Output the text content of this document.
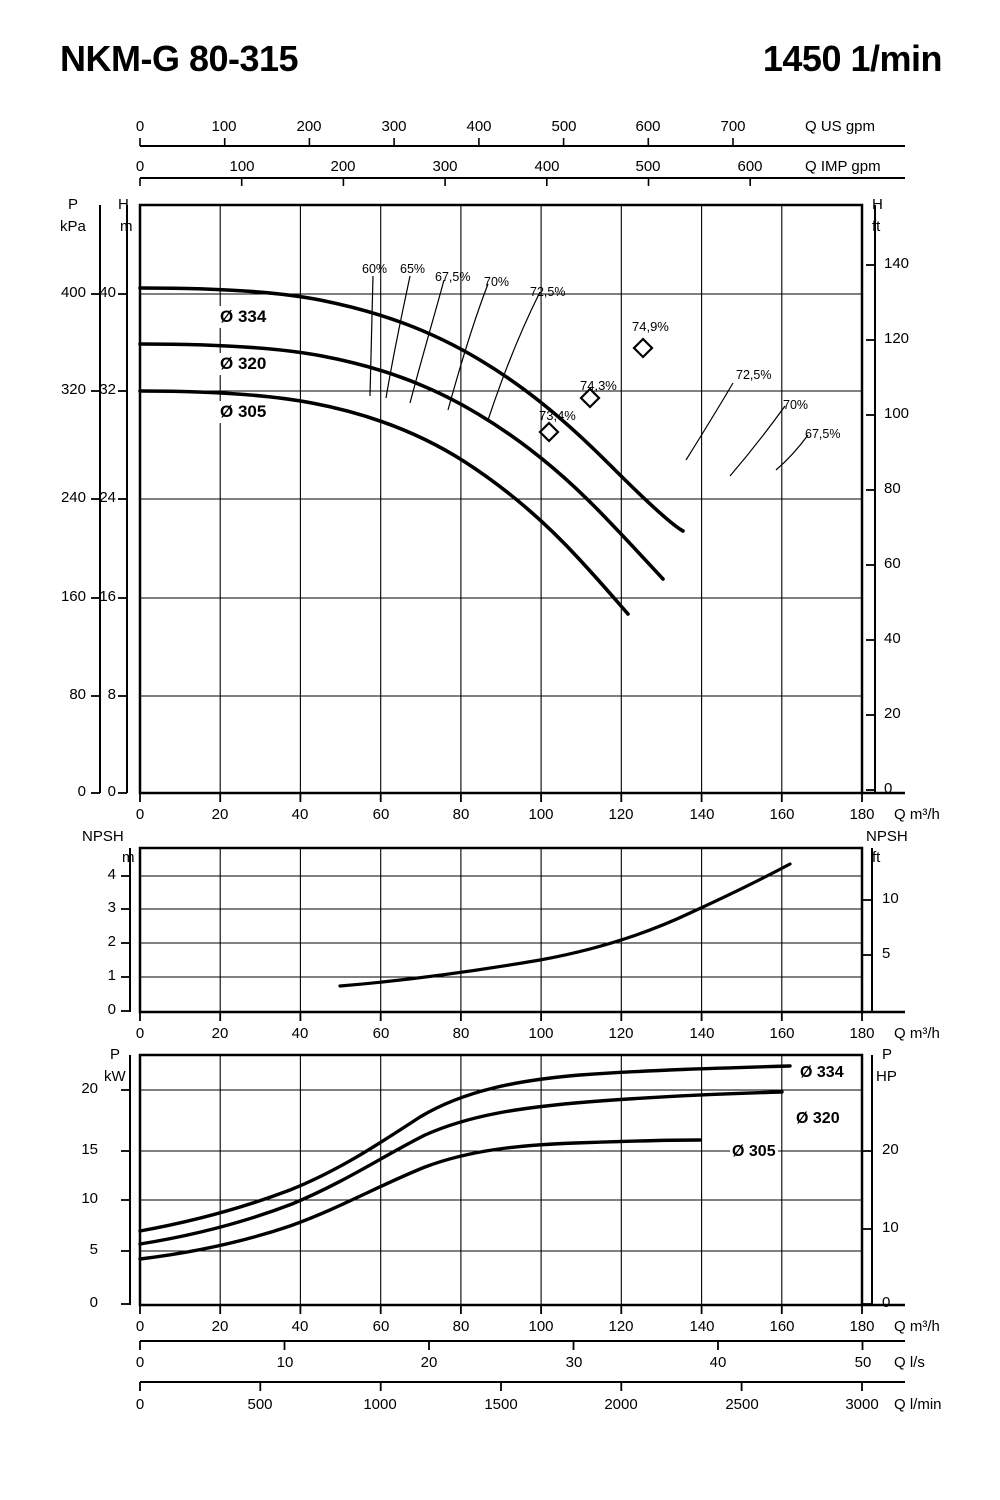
NKM-G 80-315	1450 1/min
0	100	200	300	400	500	600	700	Q US gpm
0	100	200	300	400	500	600	Q IMP gpm
P
kPa
H
m
H
ft
400
320
240
160
80
0
40
32
24
16
8
0
140
120
100
80
60
40
20
0
Ø 334
Ø 320
Ø 305
60% 65%
67,5% 70%
72,5%
72,5%
70%
67,5%
74,9%
74,3%
73,4%
0	20	40	60	80	100	120	140	160	180	Q m³/h
NPSH
m
NPSH
ft
4
3
2
1
0
10
5
0	20	40	60	80	100	120	140	160	180	Q m³/h
P
kW
P
HP
20
15
10
5
0
20
10
0
Ø 334
Ø 320
Ø 305
0	20	40	60	80	100	120	140	160	180	Q m³/h
0	10	20	30	40	50	Q l/s
0	500	1000	1500	2000	2500	3000	Q l/min
